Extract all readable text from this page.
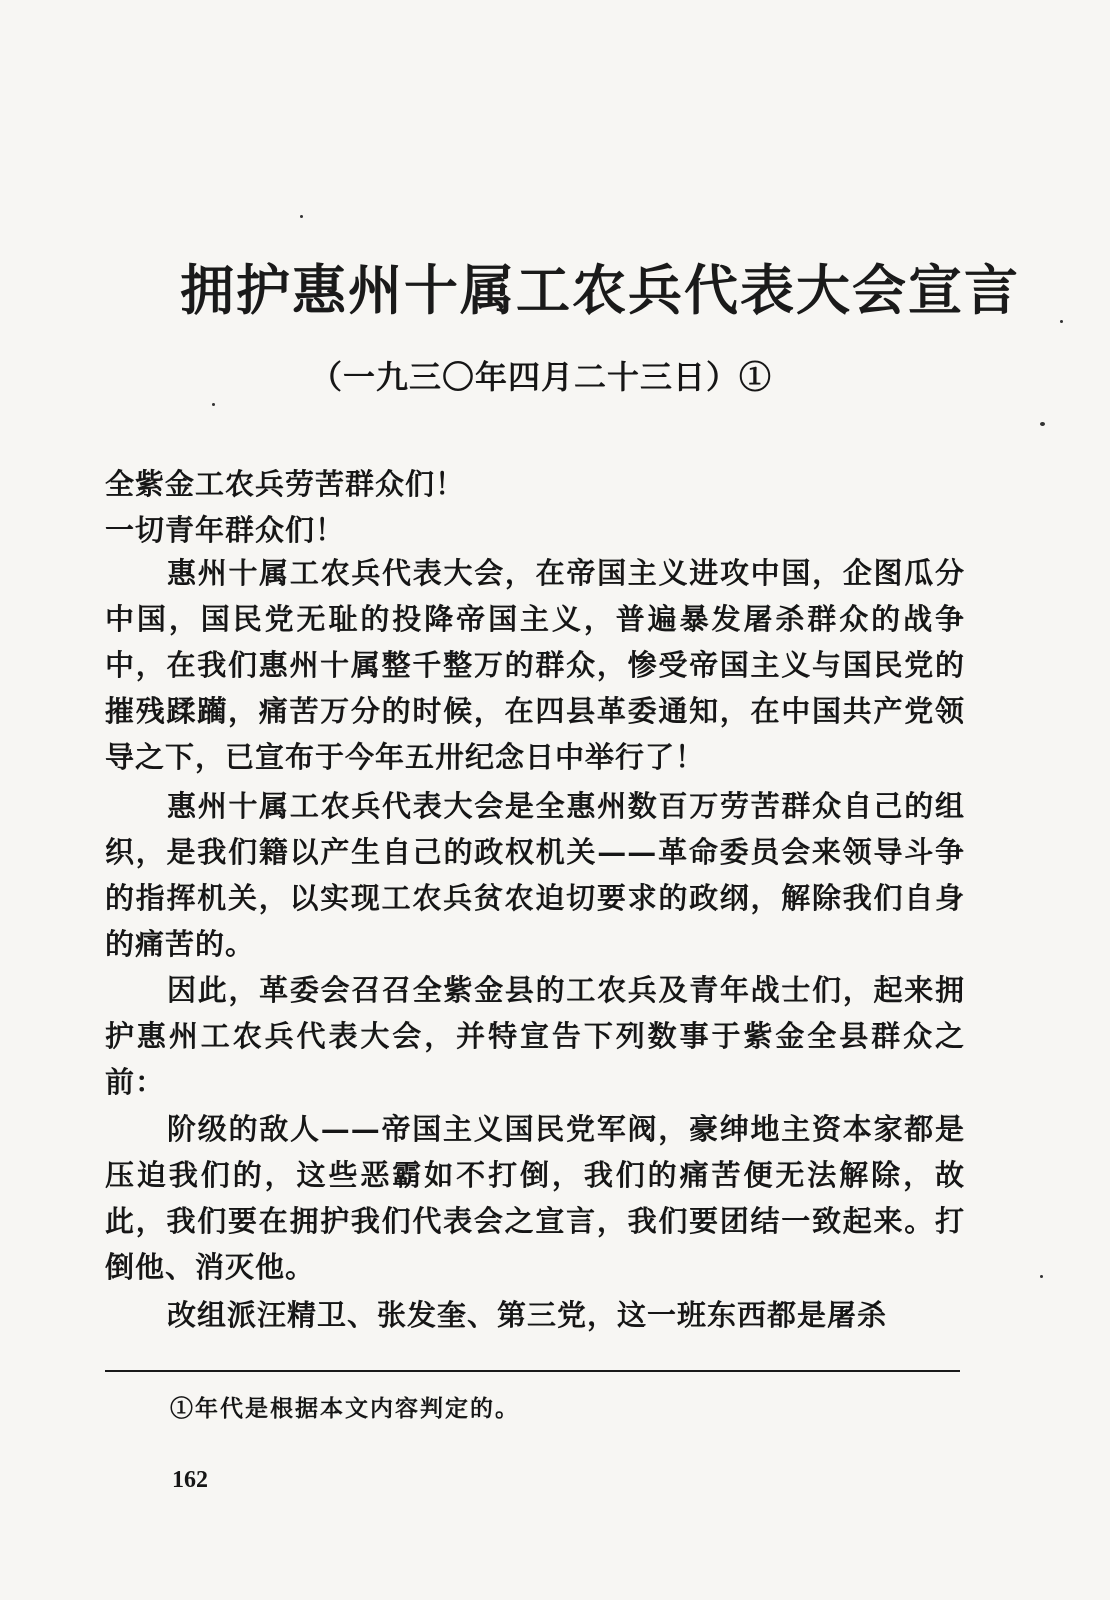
拥护惠州十属工农兵代表大会宣言
（一九三〇年四月二十三日）①
全紫金工农兵劳苦群众们！
一切青年群众们！
惠州十属工农兵代表大会，在帝国主义进攻中国，企图瓜分中国，国民党无耻的投降帝国主义，普遍暴发屠杀群众的战争中，在我们惠州十属整千整万的群众，惨受帝国主义与国民党的摧残蹂躏，痛苦万分的时候，在四县革委通知，在中国共产党领导之下，已宣布于今年五卅纪念日中举行了！
惠州十属工农兵代表大会是全惠州数百万劳苦群众自己的组织，是我们籍以产生自己的政权机关——革命委员会来领导斗争的指挥机关，以实现工农兵贫农迫切要求的政纲，解除我们自身的痛苦的。
因此，革委会召召全紫金县的工农兵及青年战士们，起来拥护惠州工农兵代表大会，并特宣告下列数事于紫金全县群众之前：
阶级的敌人——帝国主义国民党军阀，豪绅地主资本家都是压迫我们的，这些恶霸如不打倒，我们的痛苦便无法解除，故此，我们要在拥护我们代表会之宣言，我们要团结一致起来。打倒他、消灭他。
改组派汪精卫、张发奎、第三党，这一班东西都是屠杀
①年代是根据本文内容判定的。
162
